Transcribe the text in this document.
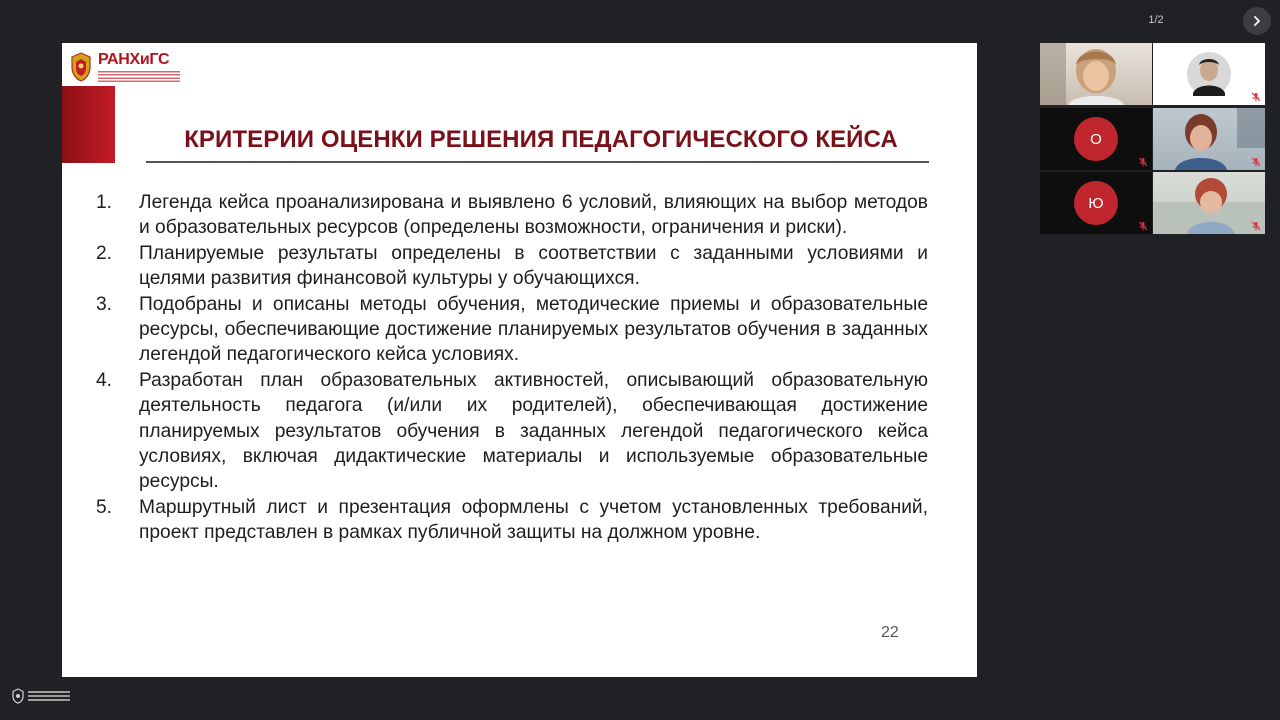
1/2
РАНХиГС
КРИТЕРИИ ОЦЕНКИ РЕШЕНИЯ ПЕДАГОГИЧЕСКОГО КЕЙСА
1. Легенда кейса проанализирована и выявлено 6 условий, влияющих на выбор методов и образовательных ресурсов (определены возможности, ограничения и риски).
2. Планируемые результаты определены в соответствии с заданными условиями и целями развития финансовой культуры у обучающихся.
3. Подобраны и описаны методы обучения, методические приемы и образовательные ресурсы, обеспечивающие достижение планируемых результатов обучения в заданных легендой педагогического кейса условиях.
4. Разработан план образовательных активностей, описывающий образовательную деятельность педагога (и/или их родителей), обеспечивающая достижение планируемых результатов обучения в заданных легендой педагогического кейса условиях, включая дидактические материалы и используемые образовательные ресурсы.
5. Маршрутный лист и презентация оформлены с учетом установленных требований, проект представлен в рамках публичной защиты на должном уровне.
22
О
Ю
